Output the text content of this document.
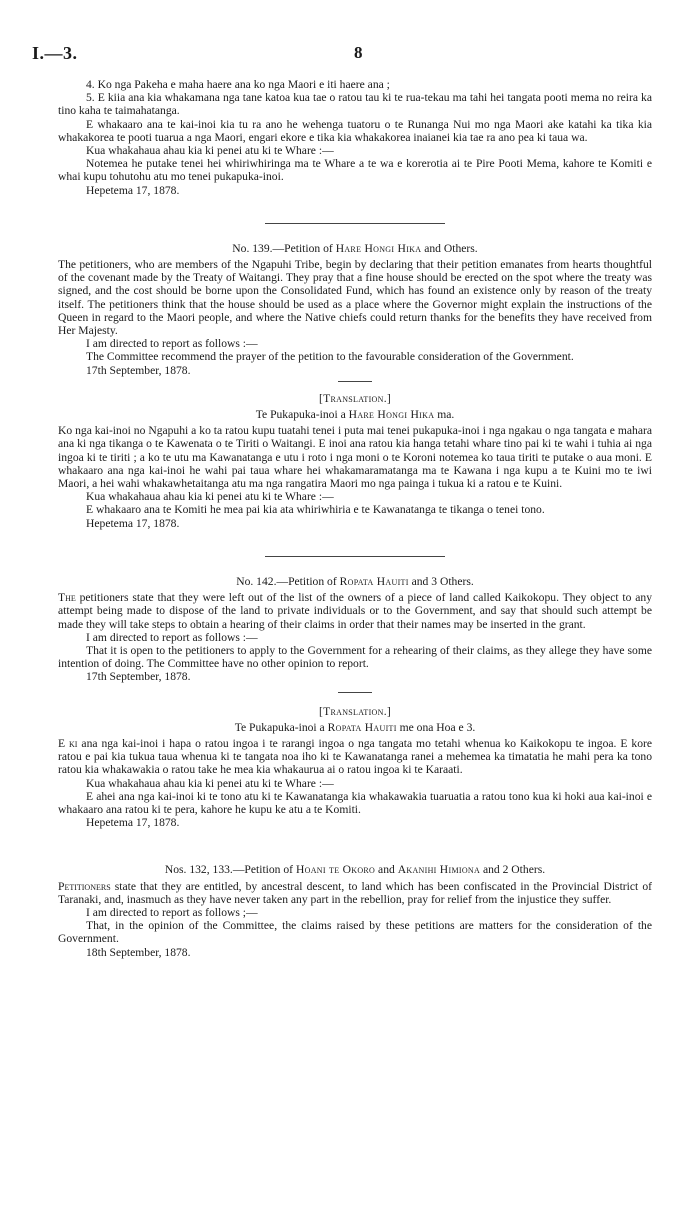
I.—3.	8

4. Ko nga Pakeha e maha haere ana ko nga Maori e iti haere ana ;

5. E kiia ana kia whakamana nga tane katoa kua tae o ratou tau ki te rua-tekau ma tahi hei tangata pooti mema no reira ka tino kaha te taimahatanga.

E whakaaro ana te kai-inoi kia tu ra ano he wehenga tuatoru o te Runanga Nui mo nga Maori ake katahi ka tika kia whakakorea te pooti tuarua a nga Maori, engari ekore e tika kia whakakorea inaianei kia tae ra ano pea ki taua wa.

Kua whakahaua ahau kia ki penei atu ki te Whare :—

Notemea he putake tenei hei whiriwhiringa ma te Whare a te wa e korerotia ai te Pire Pooti Mema, kahore te Komiti e whai kupu tohutohu atu mo tenei pukapuka-inoi.

Hepetema 17, 1878.

No. 139.—Petition of Hare Hongi Hika and Others.

The petitioners, who are members of the Ngapuhi Tribe, begin by declaring that their petition emanates from hearts thoughtful of the covenant made by the Treaty of Waitangi. They pray that a fine house should be erected on the spot where the treaty was signed, and the cost should be borne upon the Consolidated Fund, which has found an existence only by reason of the treaty itself. The petitioners think that the house should be used as a place where the Governor might explain the instructions of the Queen in regard to the Maori people, and where the Native chiefs could return thanks for the benefits they have received from Her Majesty.

I am directed to report as follows :—

The Committee recommend the prayer of the petition to the favourable consideration of the Government.

17th September, 1878.

[Translation.]

Te Pukapuka-inoi a Hare Hongi Hika ma.

Ko nga kai-inoi no Ngapuhi a ko ta ratou kupu tuatahi tenei i puta mai tenei pukapuka-inoi i nga ngakau o nga tangata e mahara ana ki nga tikanga o te Kawenata o te Tiriti o Waitangi. E inoi ana ratou kia hanga tetahi whare tino pai ki te wahi i tuhia ai nga ingoa ki te tiriti ; a ko te utu ma Kawanatanga e utu i roto i nga moni o te Koroni notemea ko taua tiriti te putake o aua moni. E whakaaro ana nga kai-inoi he wahi pai taua whare hei whakamaramatanga ma te Kawana i nga kupu a te Kuini mo te iwi Maori, a hei wahi whakawhetaitanga atu ma nga rangatira Maori mo nga painga i tukua ki a ratou e te Kuini.

Kua whakahaua ahau kia ki penei atu ki te Whare :—

E whakaaro ana te Komiti he mea pai kia ata whiriwhiria e te Kawanatanga te tikanga o tenei tono.

Hepetema 17, 1878.

No. 142.—Petition of Ropata Hauiti and 3 Others.

The petitioners state that they were left out of the list of the owners of a piece of land called Kaikokopu. They object to any attempt being made to dispose of the land to private individuals or to the Government, and say that should such attempt be made they will take steps to obtain a hearing of their claims in order that their names may be inserted in the grant.

I am directed to report as follows :—

That it is open to the petitioners to apply to the Government for a rehearing of their claims, as they allege they have some intention of doing. The Committee have no other opinion to report.

17th September, 1878.

[Translation.]

Te Pukapuka-inoi a Ropata Hauiti me ona Hoa e 3.

E ki ana nga kai-inoi i hapa o ratou ingoa i te rarangi ingoa o nga tangata mo tetahi whenua ko Kaikokopu te ingoa. E kore ratou e pai kia tukua taua whenua ki te tangata noa iho ki te Kawanatanga ranei a mehemea ka timatatia he mahi pera ka tono ratou kia whakawakia o ratou take he mea kia whakaurua ai o ratou ingoa ki te Karaati.

Kua whakahaua ahau kia ki penei atu ki te Whare :—

E ahei ana nga kai-inoi ki te tono atu ki te Kawanatanga kia whakawakia tuaruatia a ratou tono kua ki hoki aua kai-inoi e whakaaro ana ratou ki te pera, kahore he kupu ke atu a te Komiti.

Hepetema 17, 1878.

Nos. 132, 133.—Petition of Hoani te Okoro and Akanihi Himiona and 2 Others.

Petitioners state that they are entitled, by ancestral descent, to land which has been confiscated in the Provincial District of Taranaki, and, inasmuch as they have never taken any part in the rebellion, pray for relief from the injustice they suffer.

I am directed to report as follows ;—

That, in the opinion of the Committee, the claims raised by these petitions are matters for the consideration of the Government.

18th September, 1878.
